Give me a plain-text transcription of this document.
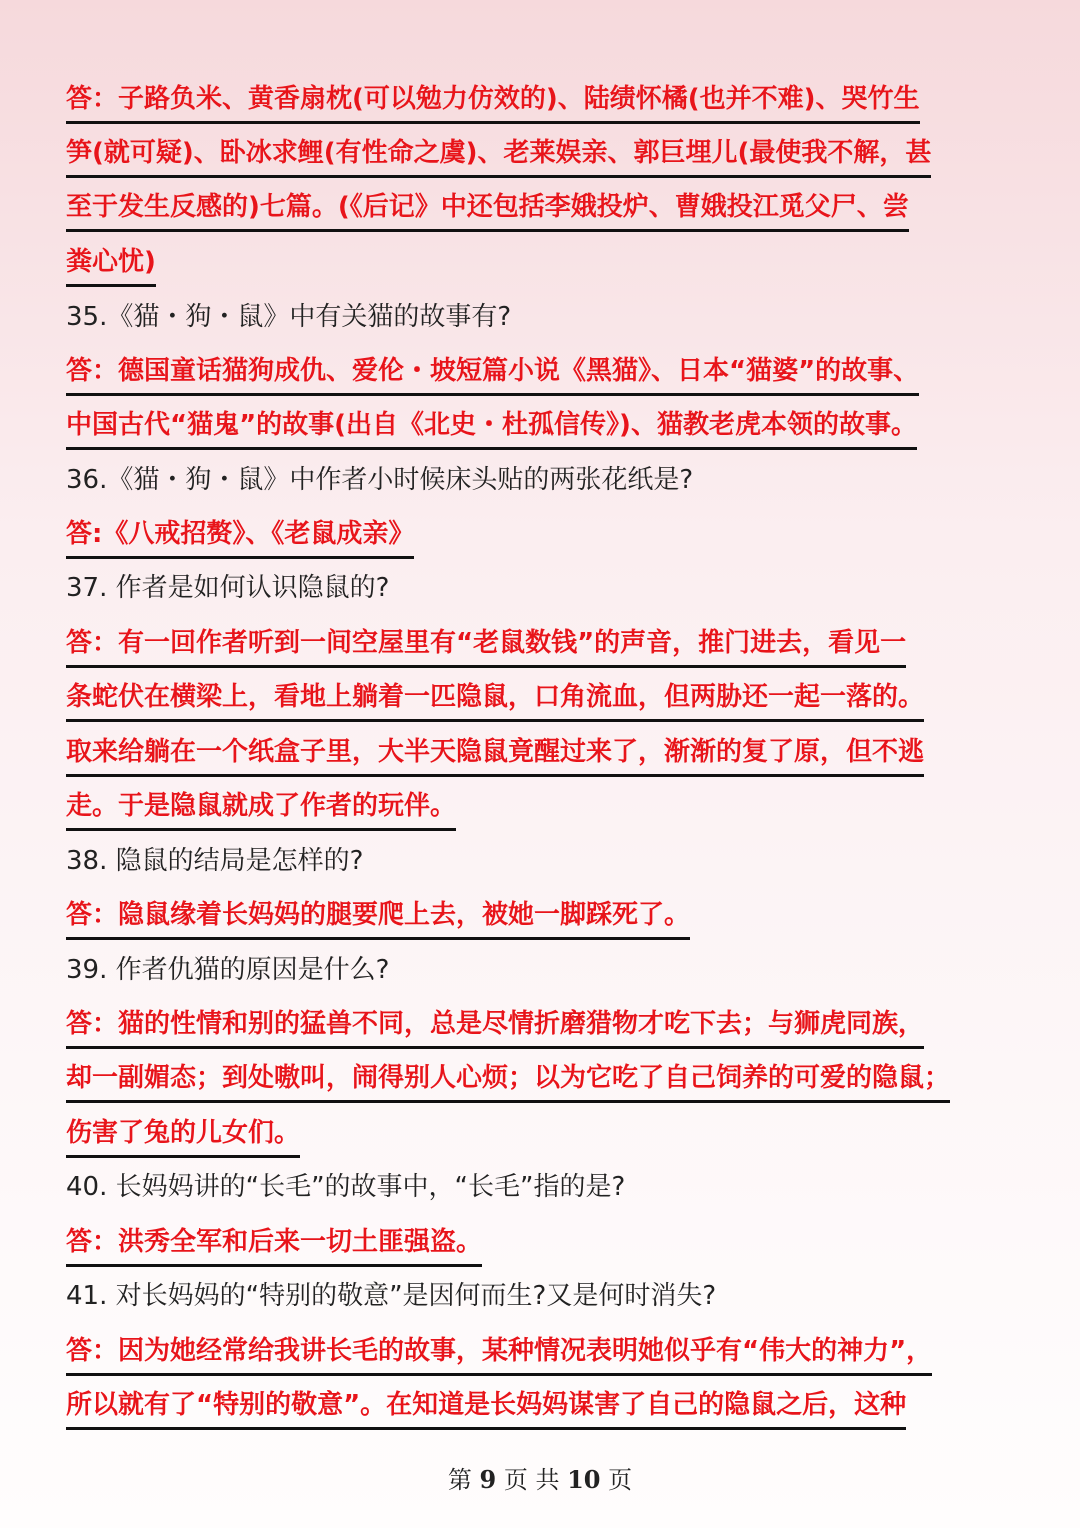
答：子路负米、黄香扇枕(可以勉力仿效的)、陆绩怀橘(也并不难)、哭竹生
笋(就可疑)、卧冰求鲤(有性命之虞)、老莱娱亲、郭巨埋儿(最使我不解，甚
至于发生反感的)七篇。(《后记》中还包括李娥投炉、曹娥投江觅父尸、尝
粪心忧)
35.《猫・狗・鼠》中有关猫的故事有?
答：德国童话猫狗成仇、爱伦・坡短篇小说《黑猫》、日本“猫婆”的故事、
中国古代“猫鬼”的故事(出自《北史・杜孤信传》)、猫教老虎本领的故事。
36.《猫・狗・鼠》中作者小时候床头贴的两张花纸是?
答:《八戒招赘》、《老鼠成亲》
37. 作者是如何认识隐鼠的?
答：有一回作者听到一间空屋里有“老鼠数钱”的声音，推门进去，看见一
条蛇伏在横梁上，看地上躺着一匹隐鼠，口角流血，但两胁还一起一落的。
取来给躺在一个纸盒子里，大半天隐鼠竟醒过来了，渐渐的复了原，但不逃
走。于是隐鼠就成了作者的玩伴。
38. 隐鼠的结局是怎样的?
答：隐鼠缘着长妈妈的腿要爬上去，被她一脚踩死了。
39. 作者仇猫的原因是什么?
答：猫的性情和别的猛兽不同，总是尽情折磨猎物才吃下去；与狮虎同族，
却一副媚态；到处嗷叫，闹得别人心烦；以为它吃了自己饲养的可爱的隐鼠；
伤害了兔的儿女们。
40. 长妈妈讲的“长毛”的故事中，“长毛”指的是?
答：洪秀全军和后来一切土匪强盗。
41. 对长妈妈的“特别的敬意”是因何而生?又是何时消失?
答：因为她经常给我讲长毛的故事，某种情况表明她似乎有“伟大的神力”，
所以就有了“特别的敬意”。在知道是长妈妈谋害了自己的隐鼠之后，这种
第 9 页 共 10 页
